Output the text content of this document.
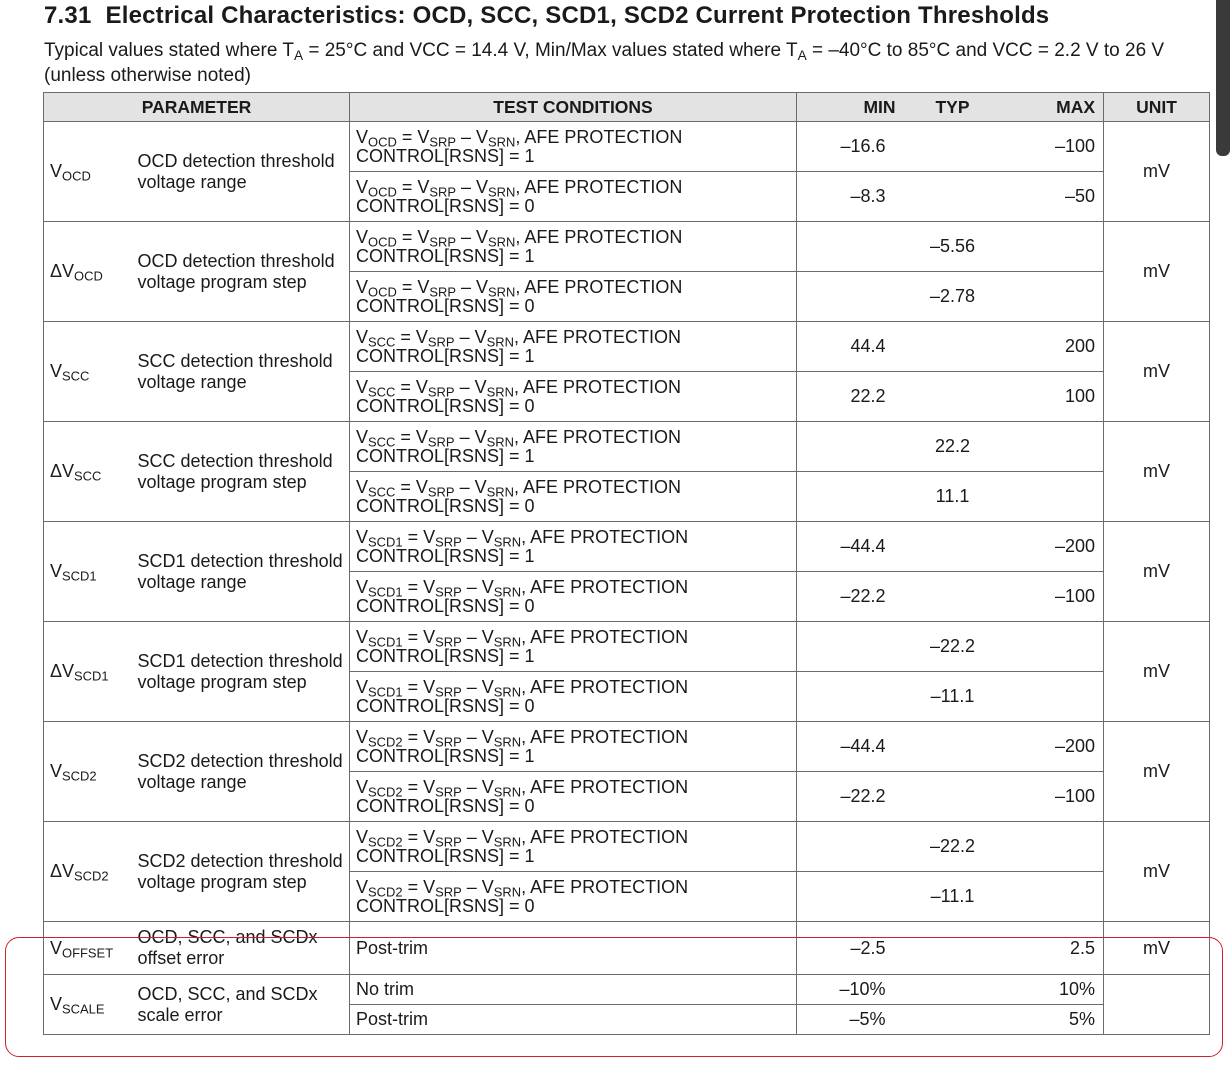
7.31 Electrical Characteristics: OCD, SCC, SCD1, SCD2 Current Protection Thresholds
Typical values stated where $T_A = 25^\circ C$ and VCC = 14.4 V, Min/Max values stated where $T_A = -40^\circ C$ to 85°C and VCC = 2.2 V to 26 V (unless otherwise noted)
PARAMETER		TEST CONDITIONS	MIN	TYP	MAX	UNIT
$V_{OCD}$	OCD detection threshold voltage range	$V_{OCD} = V_{SRP} - V_{SRN}$, AFE PROTECTION CONTROL[RSNS] = 1	–16.6		–100	mV
		$V_{OCD} = V_{SRP} - V_{SRN}$, AFE PROTECTION CONTROL[RSNS] = 0	–8.3		–50	
$\Delta V_{OCD}$	OCD detection threshold voltage program step	$V_{OCD} = V_{SRP} - V_{SRN}$, AFE PROTECTION CONTROL[RSNS] = 1		–5.56		mV
		$V_{OCD} = V_{SRP} - V_{SRN}$, AFE PROTECTION CONTROL[RSNS] = 0		–2.78		
$V_{SCC}$	SCC detection threshold voltage range	$V_{SCC} = V_{SRP} - V_{SRN}$, AFE PROTECTION CONTROL[RSNS] = 1	44.4		200	mV
		$V_{SCC} = V_{SRP} - V_{SRN}$, AFE PROTECTION CONTROL[RSNS] = 0	22.2		100	
$\Delta V_{SCC}$	SCC detection threshold voltage program step	$V_{SCC} = V_{SRP} - V_{SRN}$, AFE PROTECTION CONTROL[RSNS] = 1		22.2		mV
		$V_{SCC} = V_{SRP} - V_{SRN}$, AFE PROTECTION CONTROL[RSNS] = 0		11.1		
$V_{SCD1}$	SCD1 detection threshold voltage range	$V_{SCD1} = V_{SRP} - V_{SRN}$, AFE PROTECTION CONTROL[RSNS] = 1	–44.4		–200	mV
		$V_{SCD1} = V_{SRP} - V_{SRN}$, AFE PROTECTION CONTROL[RSNS] = 0	–22.2		–100	
$\Delta V_{SCD1}$	SCD1 detection threshold voltage program step	$V_{SCD1} = V_{SRP} - V_{SRN}$, AFE PROTECTION CONTROL[RSNS] = 1		–22.2		mV
		$V_{SCD1} = V_{SRP} - V_{SRN}$, AFE PROTECTION CONTROL[RSNS] = 0		–11.1		
$V_{SCD2}$	SCD2 detection threshold voltage range	$V_{SCD2} = V_{SRP} - V_{SRN}$, AFE PROTECTION CONTROL[RSNS] = 1	–44.4		–200	mV
		$V_{SCD2} = V_{SRP} - V_{SRN}$, AFE PROTECTION CONTROL[RSNS] = 0	–22.2		–100	
$\Delta V_{SCD2}$	SCD2 detection threshold voltage program step	$V_{SCD2} = V_{SRP} - V_{SRN}$, AFE PROTECTION CONTROL[RSNS] = 1		–22.2		mV
		$V_{SCD2} = V_{SRP} - V_{SRN}$, AFE PROTECTION CONTROL[RSNS] = 0		–11.1		
$V_{OFFSET}$	OCD, SCC, and SCDx offset error	Post-trim	–2.5		2.5	mV
$V_{SCALE}$	OCD, SCC, and SCDx scale error	No trim	–10%		10%	
		Post-trim	–5%		5%	
